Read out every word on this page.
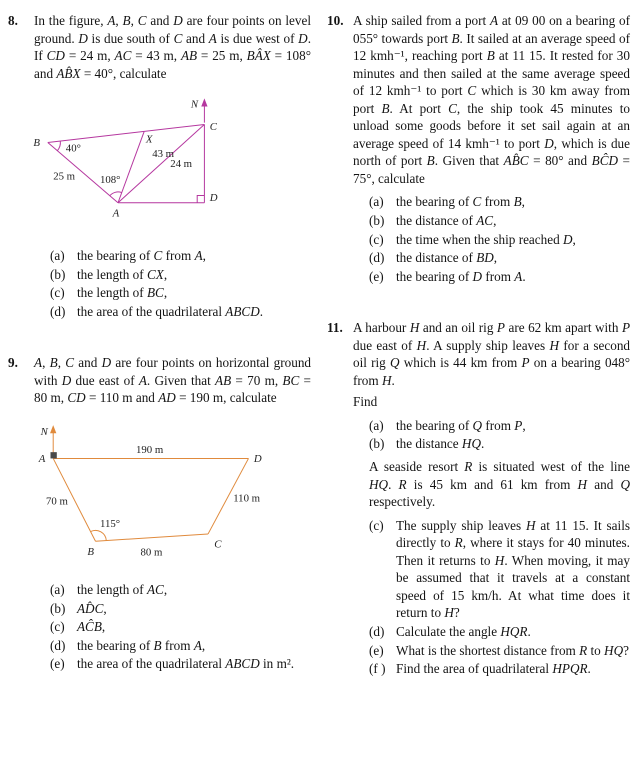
8. In the figure, A, B, C and D are four points on level ground. D is due south of C and A is due west of D. If CD = 24 m, AC = 43 m, AB = 25 m, BÂX = 108° and AB̂X = 40°, calculate

N
C
D
A
B	X
40°
108°
25 m
43 m
24 m
(a) the bearing of C from A,
(b) the length of CX,
(c) the length of BC,
(d) the area of the quadrilateral ABCD.
9. A, B, C and D are four points on horizontal ground with D due east of A. Given that AB = 70 m, BC = 80 m, CD = 110 m and AD = 190 m, calculate

N
A	D
B
C
190 m
70 m	110 m
80 m
115°
(a) the length of AC,
(b) AD̂C,
(c) AĈB,
(d) the bearing of B from A,
(e) the area of the quadrilateral ABCD in m².
10. A ship sailed from a port A at 09 00 on a bearing of 055° towards port B. It sailed at an average speed of 12 kmh⁻¹, reaching port B at 11 15. It rested for 30 minutes and then sailed at the same average speed of 12 kmh⁻¹ to port C which is 30 km away from port B. At port C, the ship took 45 minutes to unload some goods before it set sail again at an average speed of 14 kmh⁻¹ to port D, which is due north of port B. Given that AB̂C = 80° and BĈD = 75°, calculate

(a) the bearing of C from B,
(b) the distance of AC,
(c) the time when the ship reached D,
(d) the distance of BD,
(e) the bearing of D from A.
11. A harbour H and an oil rig P are 62 km apart with P due east of H. A supply ship leaves H for a second oil rig Q which is 44 km from P on a bearing 048° from H.

Find

(a) the bearing of Q from P,
(b) the distance HQ.

A seaside resort R is situated west of the line HQ. R is 45 km and 61 km from H and Q respectively.

(c) The supply ship leaves H at 11 15. It sails directly to R, where it stays for 40 minutes. Then it returns to H. When moving, it may be assumed that it travels at a constant speed of 15 km/h. At what time does it return to H?
(d) Calculate the angle HQR.
(e) What is the shortest distance from R to HQ?
(f ) Find the area of quadrilateral HPQR.
